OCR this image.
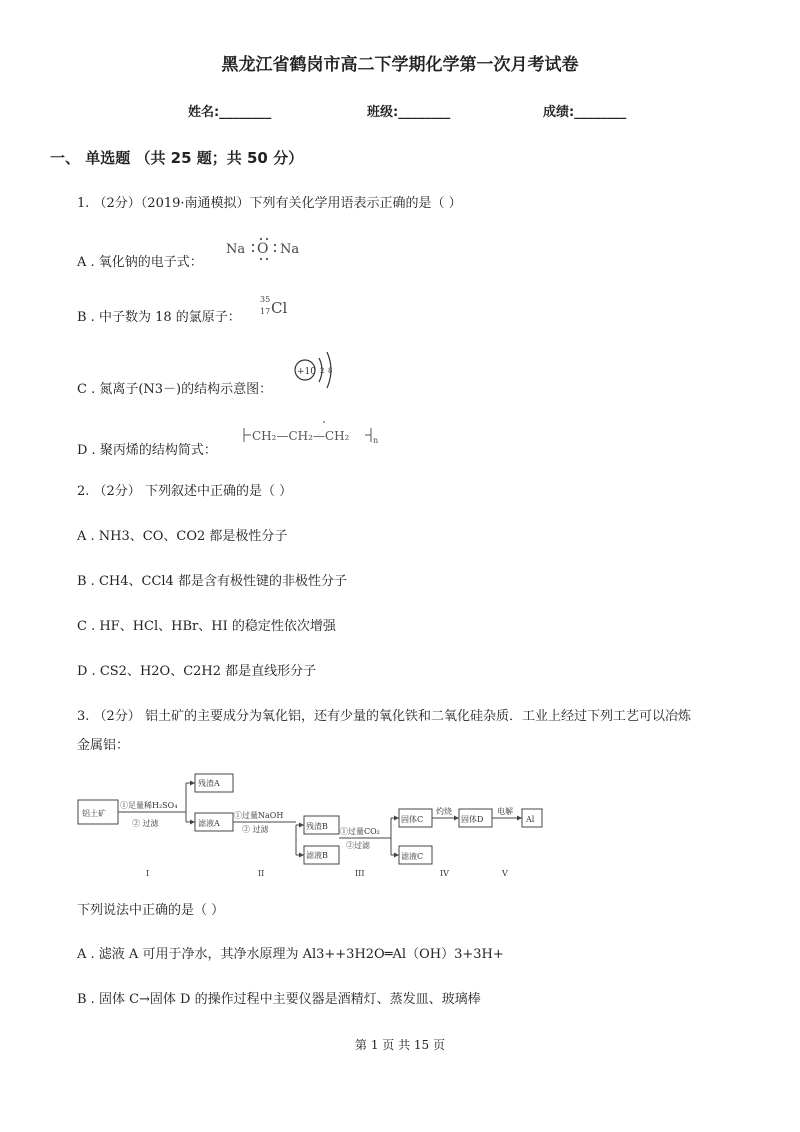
黑龙江省鹤岗市高二下学期化学第一次月考试卷
姓名:________	班级:________	成绩:________
一、 单选题 （共 25 题；共 50 分）
1. （2分）（2019·南通模拟）下列有关化学用语表示正确的是（ ）
A . 氧化钠的电子式：
Na O Na
B . 中子数为 18 的氯原子：
35
17 Cl
C . 氮离子(N3－)的结构示意图：
+10 2 8
D . 聚丙烯的结构简式：
CH₂—CH₂—CH₂	n
2. （2分） 下列叙述中正确的是（ ）
A . NH3、CO、CO2 都是极性分子
B . CH4、CCl4 都是含有极性键的非极性分子
C . HF、HCl、HBr、HI 的稳定性依次增强
D . CS2、H2O、C2H2 都是直线形分子
3. （2分） 铝土矿的主要成分为氧化铝，还有少量的氧化铁和二氧化硅杂质．工业上经过下列工艺可以冶炼
金属铝：
铝土矿
残渣A
滤液A
滤液B
残渣B
固体C	固体D	Al
滤液C
①足量稀H₂SO₄
② 过滤
①过量NaOH
② 过滤	①过量CO₂
②过滤
灼烧	电解
I	II	III	IV	V
下列说法中正确的是（ ）
A . 滤液 A 可用于净水，其净水原理为 Al3++3H2O═Al（OH）3+3H+
B . 固体 C→固体 D 的操作过程中主要仪器是酒精灯、蒸发皿、玻璃棒
第 1 页 共 15 页
